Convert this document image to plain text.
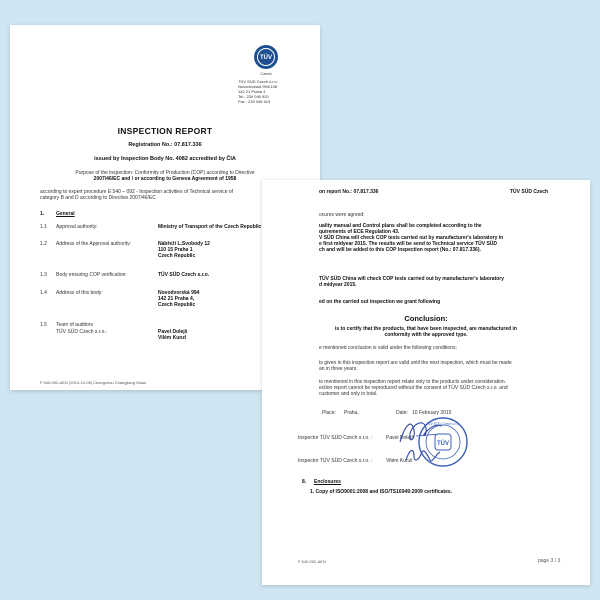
TÜV
Czech
TÜV SÜD Czech s.r.o.
Novodvorská 994/138
142 21 Praha 4
Tel.: 239 046 920
Fax : 239 046 919
INSPECTION REPORT
Registration No.: 07.817.336
issued by Inspection Body No. 4082 accredited by ČIA
Purpose of the inspection: Conformity of Production (COP) according to Directive
2007/46/EC and / or according to Geneva Agreement of 1958
according to expert procedure E 540 – 092 - Inspection activities of Technical service of
category B and D according to Directive 2007/46/EC
1. General
1.1 Approval authority:	Ministry of Transport of the Czech Republic
1.2 Address of the Approval authority:	Nábřeží L.Svobody 12
110 15 Praha 1
Czech Republic
1.3 Body ensuring COP verification:	TÜV SÜD Czech s.r.o.
1.4 Address of this body:	Novodvorská 994
142 21 Praha 4,
Czech Republic
1.5 Team of auditors
TÜV SÜD Czech s.r.o.:	Pavel Dolejš
Vilém Kunzl
F 540-092-AEN (2014-10-08) Changzhou Changjiang Glass
on report No.: 07.817.336	TÜV SÜD Czech
ocures were agreed:
uality manual and Control plans shall be completed according to the
quirements of ECE Regulation 43.
V SÜD China will check COP tests carried out by manufacturer's laboratory in
e first midyear 2015. The results will be send to Technical service TÜV SÜD
ch and will be added to this COP Inspection report (No.: 07.817.336).
TÜV SÜD China will check COP tests carried out by manufacturer's laboratory
d midyear 2015.
ed on the carried out inspection we grant following
Conclusion:
is to certify that the products, that have been inspected, are manufactured in
conformity with the approved type.
e mentioned conclusion is valid under the following conditions:
ts given in this inspection report are valid until the next inspection, which must be made
an in three years.
ts mentioned in this inspection report relate only to the products under consideration.
ection report cannot be reproduced without the consent of TÜV SÜD Czech s.r.o. and
customer and only in total.
Place: Praha,	Date: 10 February 2015
Inspector TÜV SÜD Czech s.r.o. :	Pavel Dolejš
Inspector TÜV SÜD Czech s.r.o. :	Vilém Kunzl
TÜV
TÜV SÜD Czech s.r.o.
8. Enclosures
1. Copy of ISO9001:2008 and ISO/TS16949:2009 certificates.
F 540-092-AEN	page 3 / 3
